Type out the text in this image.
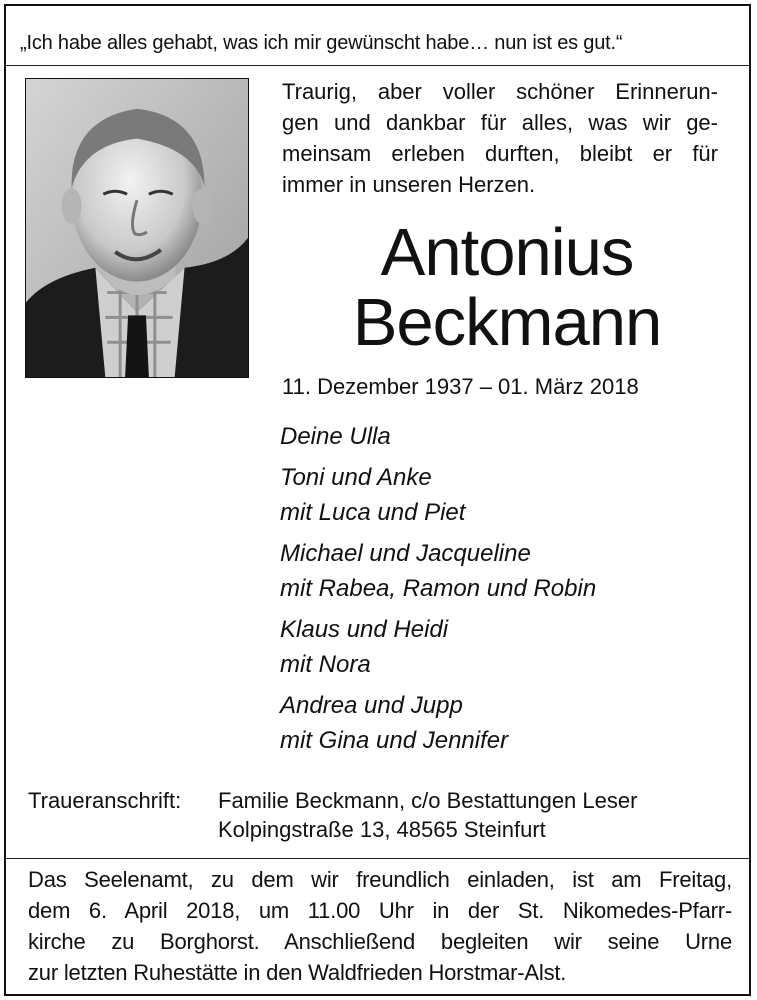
„Ich habe alles gehabt, was ich mir gewünscht habe… nun ist es gut.“
Traurig, aber voller schöner Erinnerun-
gen und dankbar für alles, was wir ge-
meinsam erleben durften, bleibt er für
immer in unseren Herzen.
Antonius
Beckmann
11. Dezember 1937 – 01. März 2018
Deine Ulla
Toni und Anke
mit Luca und Piet
Michael und Jacqueline
mit Rabea, Ramon und Robin
Klaus und Heidi
mit Nora
Andrea und Jupp
mit Gina und Jennifer
Traueranschrift:	Familie Beckmann, c/o Bestattungen Leser
Kolpingstraße 13, 48565 Steinfurt
Das Seelenamt, zu dem wir freundlich einladen, ist am Freitag,
dem 6. April 2018, um 11.00 Uhr in der St. Nikomedes-Pfarr-
kirche zu Borghorst. Anschließend begleiten wir seine Urne
zur letzten Ruhestätte in den Waldfrieden Horstmar-Alst.
